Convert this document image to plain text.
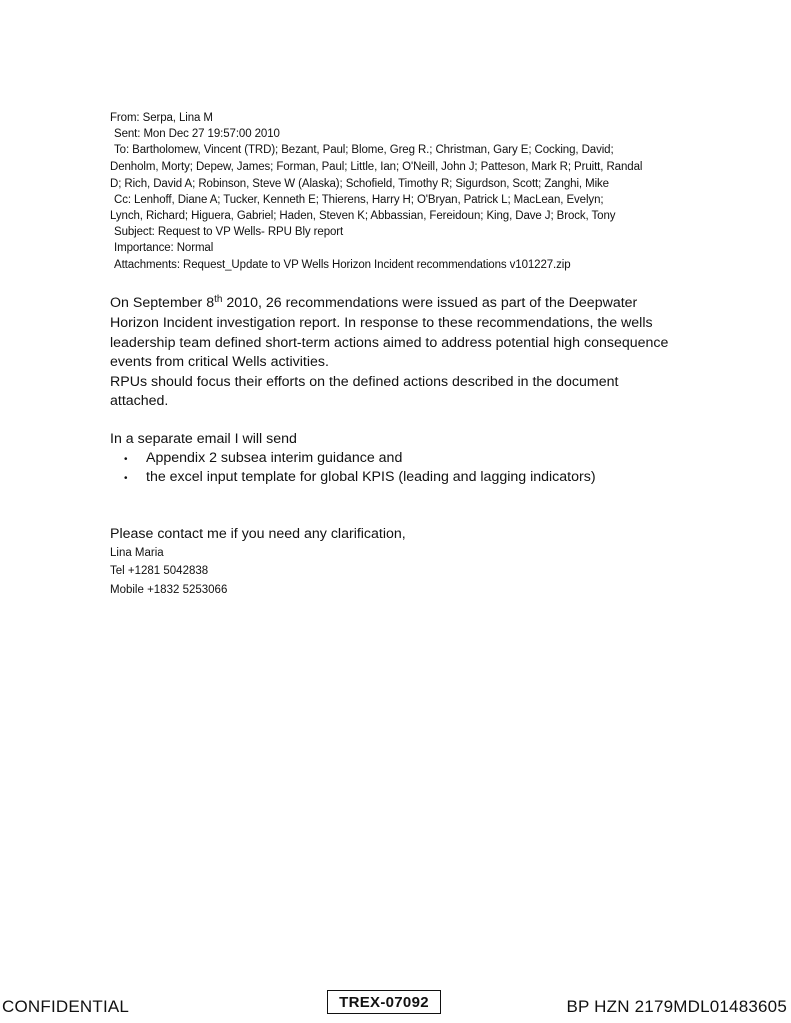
From: Serpa, Lina M
Sent: Mon Dec 27 19:57:00 2010
To: Bartholomew, Vincent (TRD); Bezant, Paul; Blome, Greg R.; Christman, Gary E; Cocking, David;
Denholm, Morty; Depew, James; Forman, Paul; Little, Ian; O'Neill, John J; Patteson, Mark R; Pruitt, Randal
D; Rich, David A; Robinson, Steve W (Alaska); Schofield, Timothy R; Sigurdson, Scott; Zanghi, Mike
Cc: Lenhoff, Diane A; Tucker, Kenneth E; Thierens, Harry H; O'Bryan, Patrick L; MacLean, Evelyn;
Lynch, Richard; Higuera, Gabriel; Haden, Steven K; Abbassian, Fereidoun; King, Dave J; Brock, Tony
Subject: Request to VP Wells- RPU Bly report
Importance: Normal
Attachments: Request_Update to VP Wells Horizon Incident recommendations v101227.zip
On September 8th 2010, 26 recommendations were issued as part of the Deepwater
Horizon Incident investigation report. In response to these recommendations, the wells
leadership team defined short-term actions aimed to address potential high consequence
events from critical Wells activities.
RPUs should focus their efforts on the defined actions described in the document
attached.
In a separate email I will send
• Appendix 2 subsea interim guidance and
• the excel input template for global KPIS (leading and lagging indicators)
Please contact me if you need any clarification,
Lina Maria
Tel +1281 5042838
Mobile +1832 5253066
CONFIDENTIAL	TREX-07092	BP HZN 2179MDL01483605
